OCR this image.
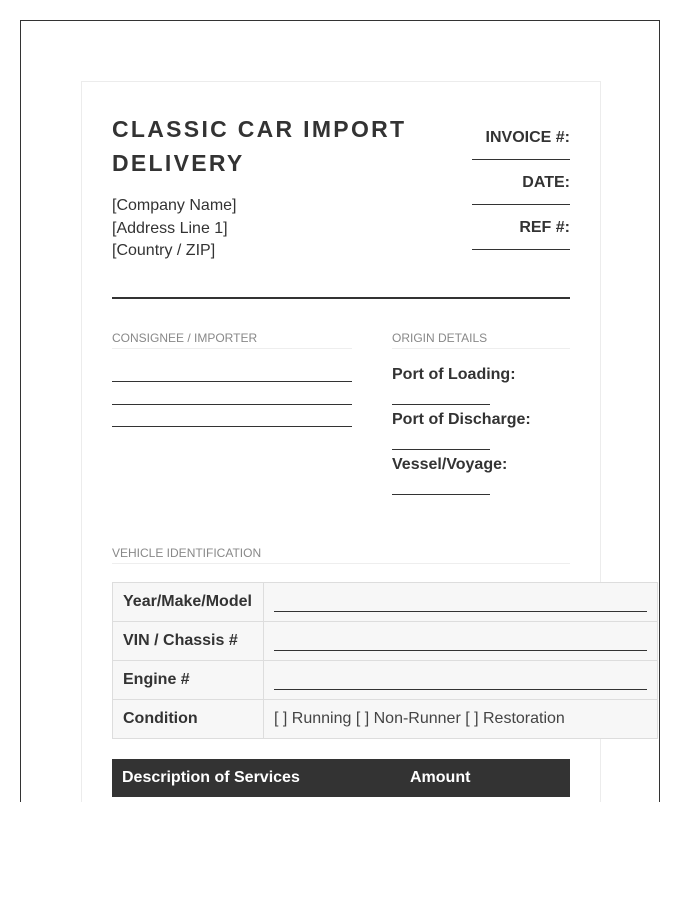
CLASSIC CAR IMPORT DELIVERY
[Company Name]
[Address Line 1]
[Country / ZIP]
INVOICE #:
DATE:
REF #:
CONSIGNEE / IMPORTER	ORIGIN DETAILS
Port of Loading:
Port of Discharge:
Vessel/Voyage:
VEHICLE IDENTIFICATION
Year/Make/Model	

VIN / Chassis #	

Engine #	

Condition	[ ] Running [ ] Non-Runner [ ] Restoration
Description of Services	Amount
